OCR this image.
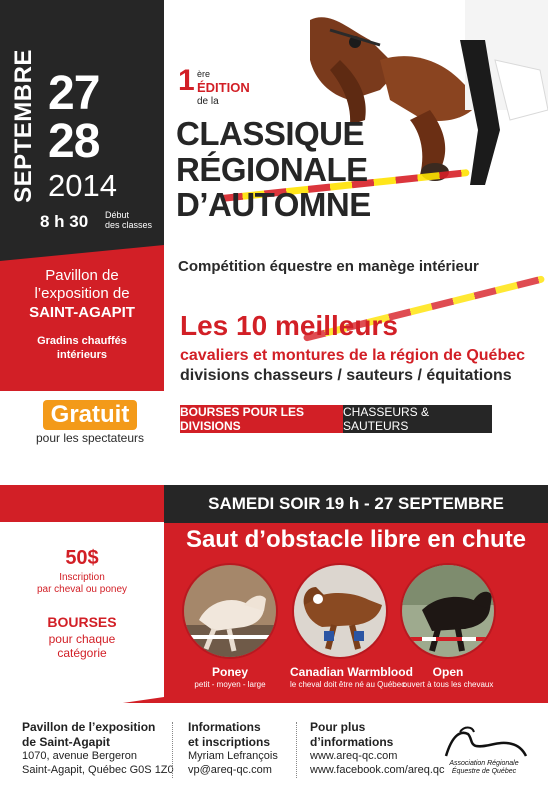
SEPTEMBRE 27
28
2014
8 h 30 Début
des classes
Pavillon de
l’exposition de
SAINT-AGAPIT
Gradins chauffés
intérieurs
Gratuit
pour les spectateurs
1 ère
ÉDITION
de la
CLASSIQUE
RÉGIONALE
D’AUTOMNE
Compétition équestre en manège intérieur
Les 10 meilleurs
cavaliers et montures de la région de Québec
divisions chasseurs / sauteurs / équitations
BOURSES POUR LES DIVISIONS
CHASSEURS & SAUTEURS
SAMEDI SOIR 19 h - 27 SEPTEMBRE
50$
Inscription
par cheval ou poney
BOURSES
pour chaque
catégorie
Saut d’obstacle libre en chute
Poney
petit - moyen - large
Canadian Warmblood
le cheval doit être né au Québec
Open
ouvert à tous les chevaux
Pavillon de l’exposition
de Saint-Agapit
1070, avenue Bergeron
Saint-Agapit, Québec G0S 1Z0
Informations
et inscriptions
Myriam Lefrançois
vp@areq-qc.com
Pour plus
d’informations
www.areq-qc.com
www.facebook.com/areq.qc
Association Régionale
Équestre de Québec
